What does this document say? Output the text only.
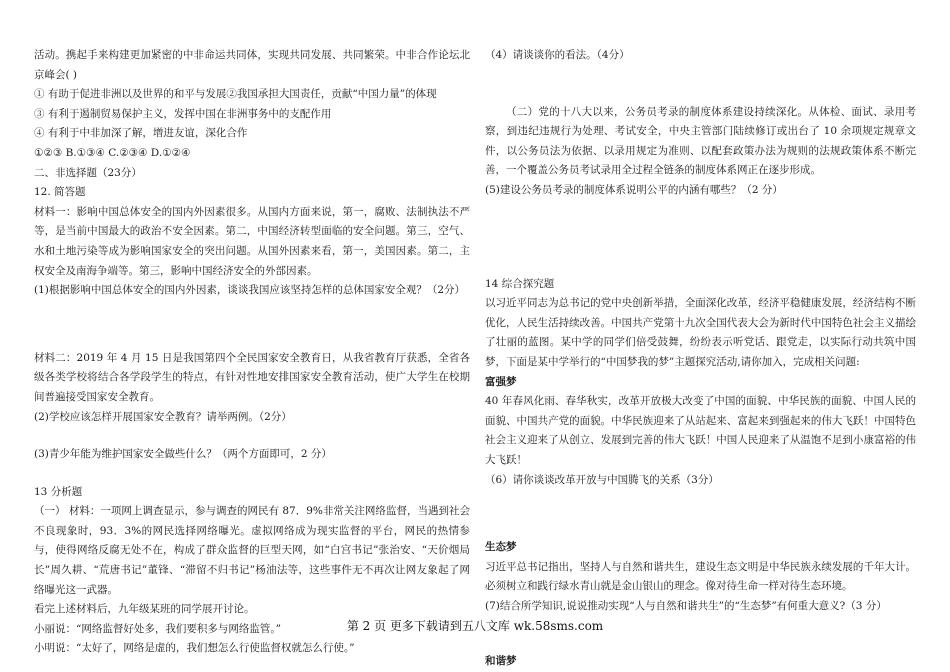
活动。携起手来构建更加紧密的中非命运共同体，实现共同发展、共同繁荣。中非合作论坛北京峰会( )

① 有助于促进非洲以及世界的和平与发展②我国承担大国责任，贡献“中国力量”的体现

③ 有利于遏制贸易保护主义，发挥中国在非洲事务中的支配作用

④ 有利于中非加深了解，增进友谊，深化合作

①②③ B.①③④ C.②③④ D.①②④

二、非选择题（23分）

12. 简答题

材料一：影响中国总体安全的国内外因素很多。从国内方面来说，第一，腐败、法制执法不严等，是当前中国最大的政治不安全因素。第二，中国经济转型面临的安全问题。第三，空气、水和土地污染等成为影响国家安全的突出问题。从国外因素来看，第一，美国因素。第二，主权安全及南海争端等。第三，影响中国经济安全的外部因素。

(1)根据影响中国总体安全的国内外因素，谈谈我国应该坚持怎样的总体国家安全观？（2分）

材料二：2019 年 4 月 15 日是我国第四个全民国家安全教育日，从我省教育厅获悉，全省各级各类学校将结合各学段学生的特点，有针对性地安排国家安全教育活动，使广大学生在校期间普遍接受国家安全教育。

(2)学校应该怎样开展国家安全教育？请举两例。（2分）

(3)青少年能为维护国家安全做些什么？（两个方面即可，2 分）

13 分析题

（一） 材料：一项网上调查显示，参与调查的网民有 87．9%非常关注网络监督，当遇到社会不良现象时，93．3%的网民选择网络曝光。虚拟网络成为现实监督的平台，网民的热情参与，使得网络反腐无处不在，构成了群众监督的巨型天网，如“白宫书记”张治安、“天价烟局长”周久耕、“荒唐书记”董锋、“滞留不归书记”杨油法等，这些事件无不再次让网友象起了网络曝光这一武器。

看完上述材料后，九年级某班的同学展开讨论。

小丽说：“网络监督好处多，我们要积多与网络监管。”

小明说：“太好了，网络是虚的，我们想怎么行使监督权就怎么行使。”

（4）请谈谈你的看法。（4分）

（二）党的十八大以来，公务员考录的制度体系建设持续深化。从体检、面试、录用考察，到违纪违规行为处理、考试安全，中央主管部门陆续修订或出台了 10 余项规定规章文件，以公务员法为依据、以录用规定为准则、以配套政策办法为规则的法规政策体系不断完善，一个覆盖公务员考试录用全过程全链条的制度体系网正在逐步形成。

(5)建设公务员考录的制度体系说明公平的内涵有哪些？（2 分）

14 综合探究题

以习近平同志为总书记的党中央创新举措，全面深化改革，经济平稳健康发展，经济结构不断优化，人民生活持续改善。中国共产党第十九次全国代表大会为新时代中国特色社会主义描绘了壮丽的蓝图。某中学的同学们倍受鼓舞，纷纷表示听党话、跟党走，以实际行动共筑中国梦，下面是某中学举行的“中国梦我的梦”主题探究活动,请你加入，完成相关问题:

富强梦

40 年春风化雨、春华秋实，改革开放极大改变了中国的面貌、中华民族的面貌、中国人民的面貌、中国共产党的面貌。中华民族迎来了从站起来、富起来到强起来的伟大飞跃！中国特色社会主义迎来了从创立、发展到完善的伟大飞跃！中国人民迎来了从温饱不足到小康富裕的伟大飞跃！

（6）请你谈谈改革开放与中国腾飞的关系（3分）

生态梦

习近平总书记指出，坚持人与自然和谐共生，建设生态文明是中华民族永续发展的千年大计。必须树立和践行绿水青山就是金山银山的理念。像对待生命一样对待生态环境。

(7)结合所学知识,说说推动实现“人与自然和谐共生”的“生态梦”有何重大意义?（3 分）

和谐梦

第 2 页 更多下载请到五八文库 wk.58sms.com
